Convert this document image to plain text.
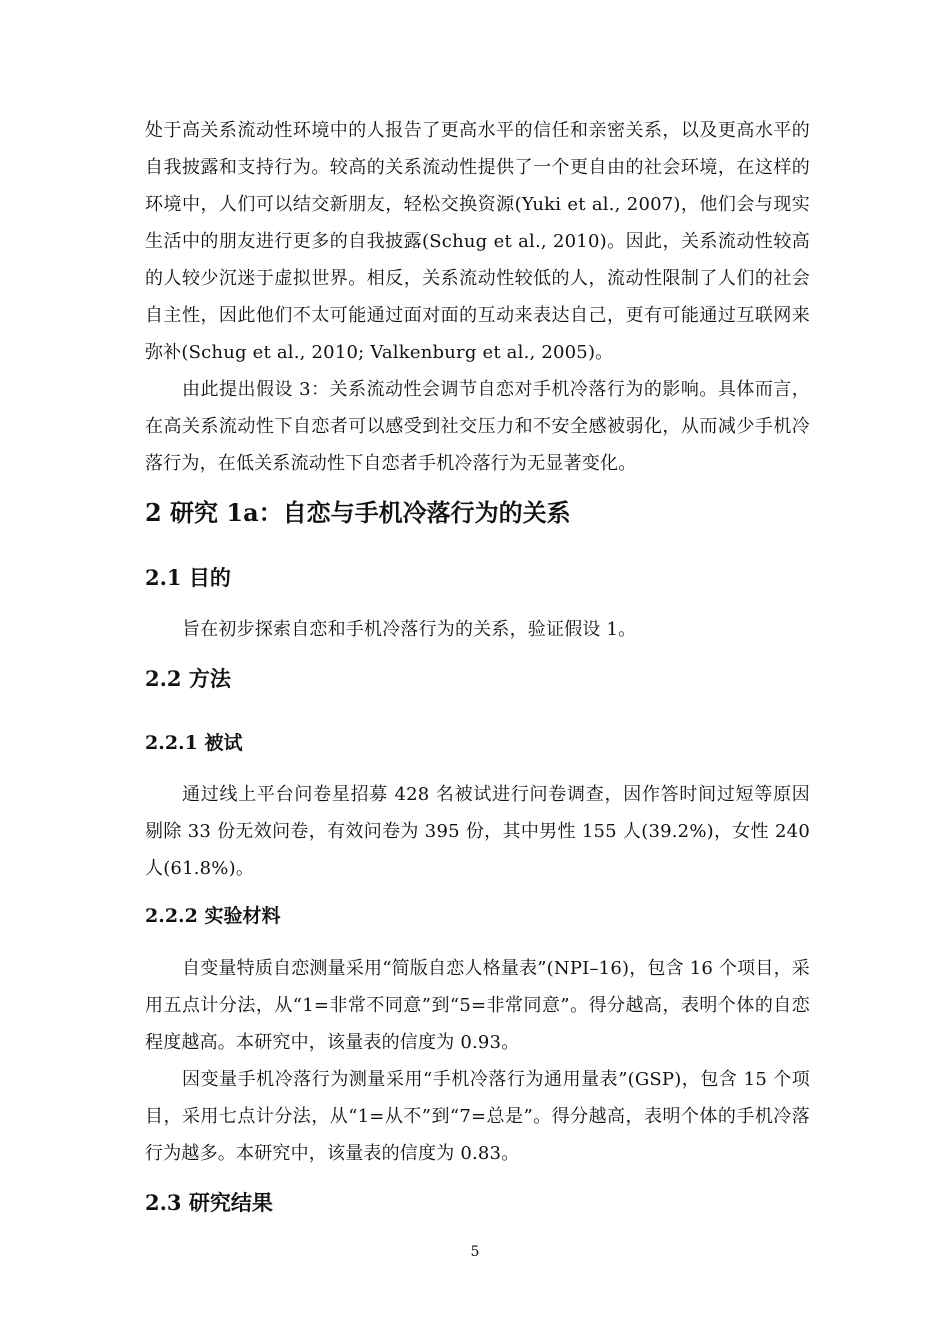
处于高关系流动性环境中的人报告了更高水平的信任和亲密关系，以及更高水平的自我披露和支持行为。较高的关系流动性提供了一个更自由的社会环境，在这样的环境中，人们可以结交新朋友，轻松交换资源(Yuki et al., 2007)，他们会与现实生活中的朋友进行更多的自我披露(Schug et al., 2010)。因此，关系流动性较高的人较少沉迷于虚拟世界。相反，关系流动性较低的人，流动性限制了人们的社会自主性，因此他们不太可能通过面对面的互动来表达自己，更有可能通过互联网来弥补(Schug et al., 2010; Valkenburg et al., 2005)。

由此提出假设 3：关系流动性会调节自恋对手机冷落行为的影响。具体而言，在高关系流动性下自恋者可以感受到社交压力和不安全感被弱化，从而减少手机冷落行为，在低关系流动性下自恋者手机冷落行为无显著变化。

2 研究 1a：自恋与手机冷落行为的关系
2.1 目的

旨在初步探索自恋和手机冷落行为的关系，验证假设 1。

2.2 方法
2.2.1 被试

通过线上平台问卷星招募 428 名被试进行问卷调查，因作答时间过短等原因剔除 33 份无效问卷，有效问卷为 395 份，其中男性 155 人(39.2%)，女性 240 人(61.8%)。

2.2.2 实验材料

自变量特质自恋测量采用“简版自恋人格量表”(NPI–16)，包含 16 个项目，采用五点计分法，从“1=非常不同意”到“5=非常同意”。得分越高，表明个体的自恋程度越高。本研究中，该量表的信度为 0.93。

因变量手机冷落行为测量采用“手机冷落行为通用量表”(GSP)，包含 15 个项目，采用七点计分法，从“1=从不”到“7=总是”。得分越高，表明个体的手机冷落行为越多。本研究中，该量表的信度为 0.83。

2.3 研究结果
5
